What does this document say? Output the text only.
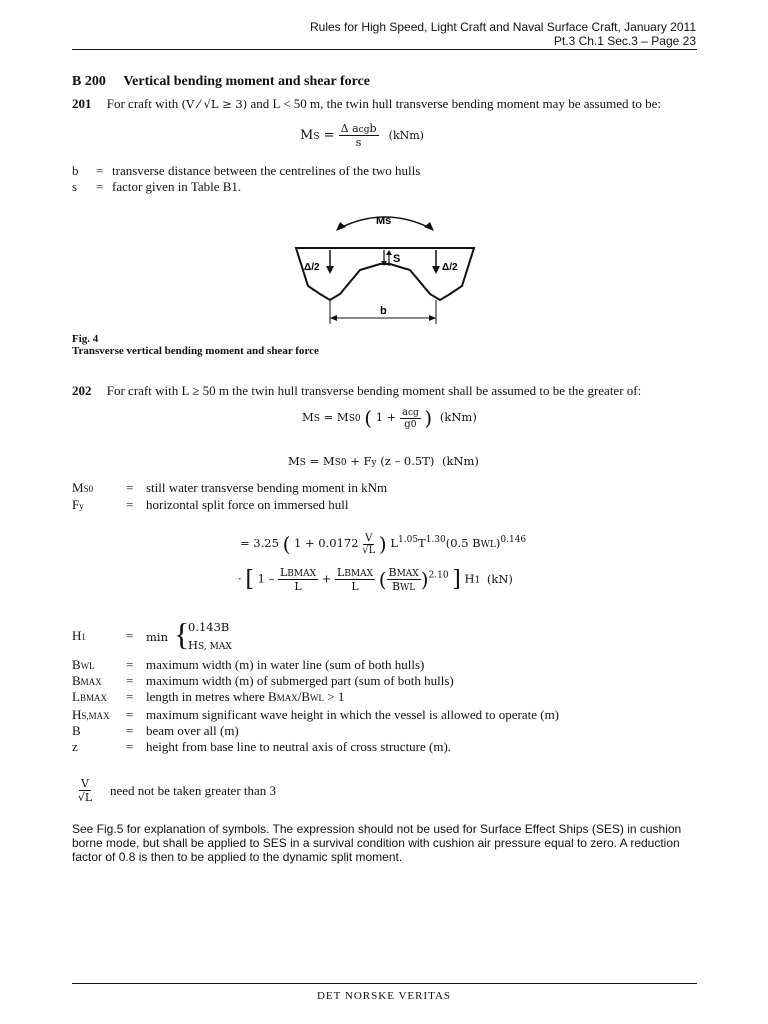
Rules for High Speed, Light Craft and Naval Surface Craft, January 2011
Pt.3 Ch.1 Sec.3 – Page 23
B 200 Vertical bending moment and shear force
201 For craft with (V ⁄ √L ≥ 3) and L < 50 m, the twin hull transverse bending moment may be assumed to be:
MS = $\frac{\text{Δ acgb}}{s} (kNm)$
b	= transverse distance between the centrelines of the two hulls
s	= factor given in Table B1.
Ms
Δ/2	Δ/2
S
b
Fig. 4
Transverse vertical bending moment and shear force
202 For craft with L ≥ 50 m the twin hull transverse bending moment shall be assumed to be the greater of:
MS = MS0 ( $1 + \frac{\text{acg}}{g0}$ ) (kNm)
MS = MS0 + Fy (z – 0.5T) (kNm)
MS0	= still water transverse bending moment in kNm
Fy	= horizontal split force on immersed hull
= 3.25 ( $1 + 0.0172 \frac{V}{√L}$ ) $L^{1.05}T^{1.30}(0.5$ BWL)$^{0.146}$
· [ $1 - \frac{\text{LBMAX}}{L} + \frac{\text{LBMAX}}{L}$ ( $\frac{\text{BMAX}}{\text{BWL}} )^{2.10}$ ] H1 (kN)
H1	= min {
0.143B
HS, MAX
BWL	= maximum width (m) in water line (sum of both hulls)
BMAX	= maximum width (m) of submerged part (sum of both hulls)
LBMAX	= length in metres where BMAX/BWL > 1
HS,MAX	= maximum significant wave height in which the vessel is allowed to operate (m)
B	= beam over all (m)
z	= height from base line to neutral axis of cross structure (m).
$\frac{V}{√L}$ need not be taken greater than 3
See Fig.5 for explanation of symbols. The expression should not be used for Surface Effect Ships (SES) in cushion borne mode, but shall be applied to SES in a survival condition with cushion air pressure equal to zero. A reduction factor of 0.8 is then to be applied to the dynamic split moment.
DET NORSKE VERITAS
